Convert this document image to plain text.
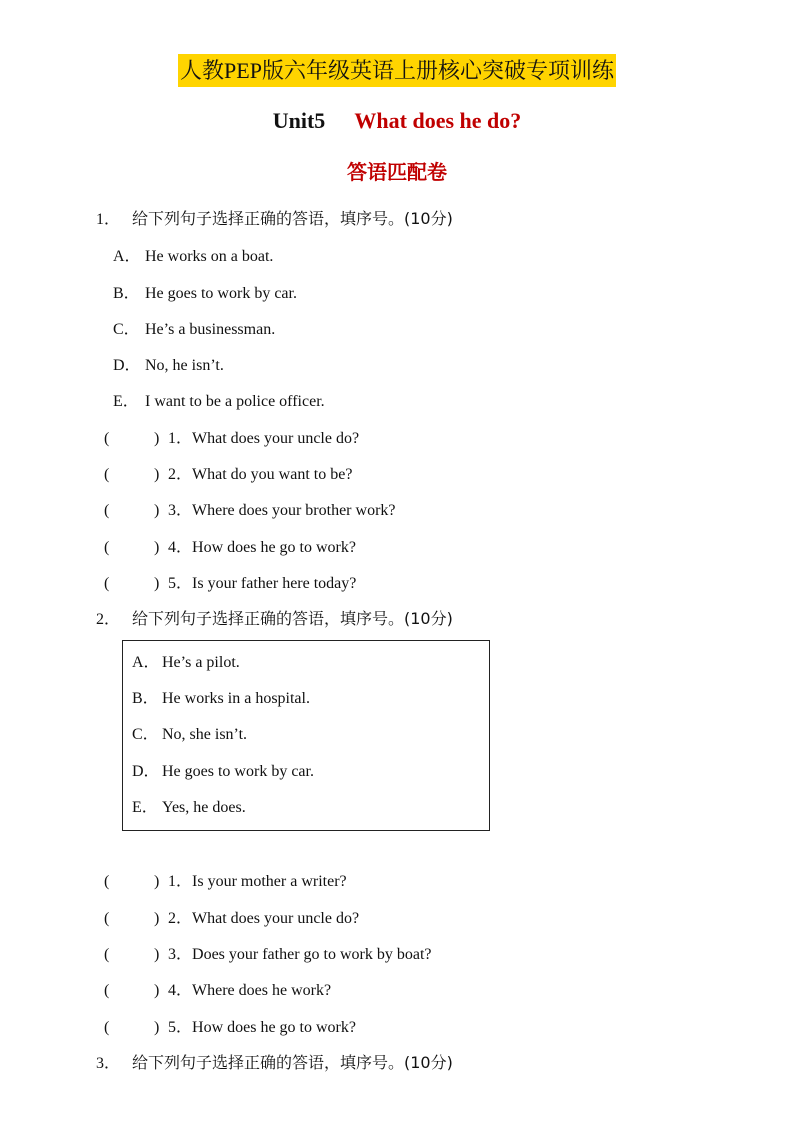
人教PEP版六年级英语上册核心突破专项训练
Unit5 What does he do?
答语匹配卷
1． 给下列句子选择正确的答语，填序号。(10分)
A． He works on a boat.
B． He goes to work by car.
C． He’s a businessman.
D． No, he isn’t.
E． I want to be a police officer.
(	) 1．What does your uncle do?
(	) 2．What do you want to be?
(	) 3．Where does your brother work?
(	) 4．How does he go to work?
(	) 5．Is your father here today?
2． 给下列句子选择正确的答语，填序号。(10分)
A． He’s a pilot.
B． He works in a hospital.
C． No, she isn’t.
D． He goes to work by car.
E． Yes, he does.
(	) 1．Is your mother a writer?
(	) 2．What does your uncle do?
(	) 3．Does your father go to work by boat?
(	) 4．Where does he work?
(	) 5．How does he go to work?
3． 给下列句子选择正确的答语，填序号。(10分)
